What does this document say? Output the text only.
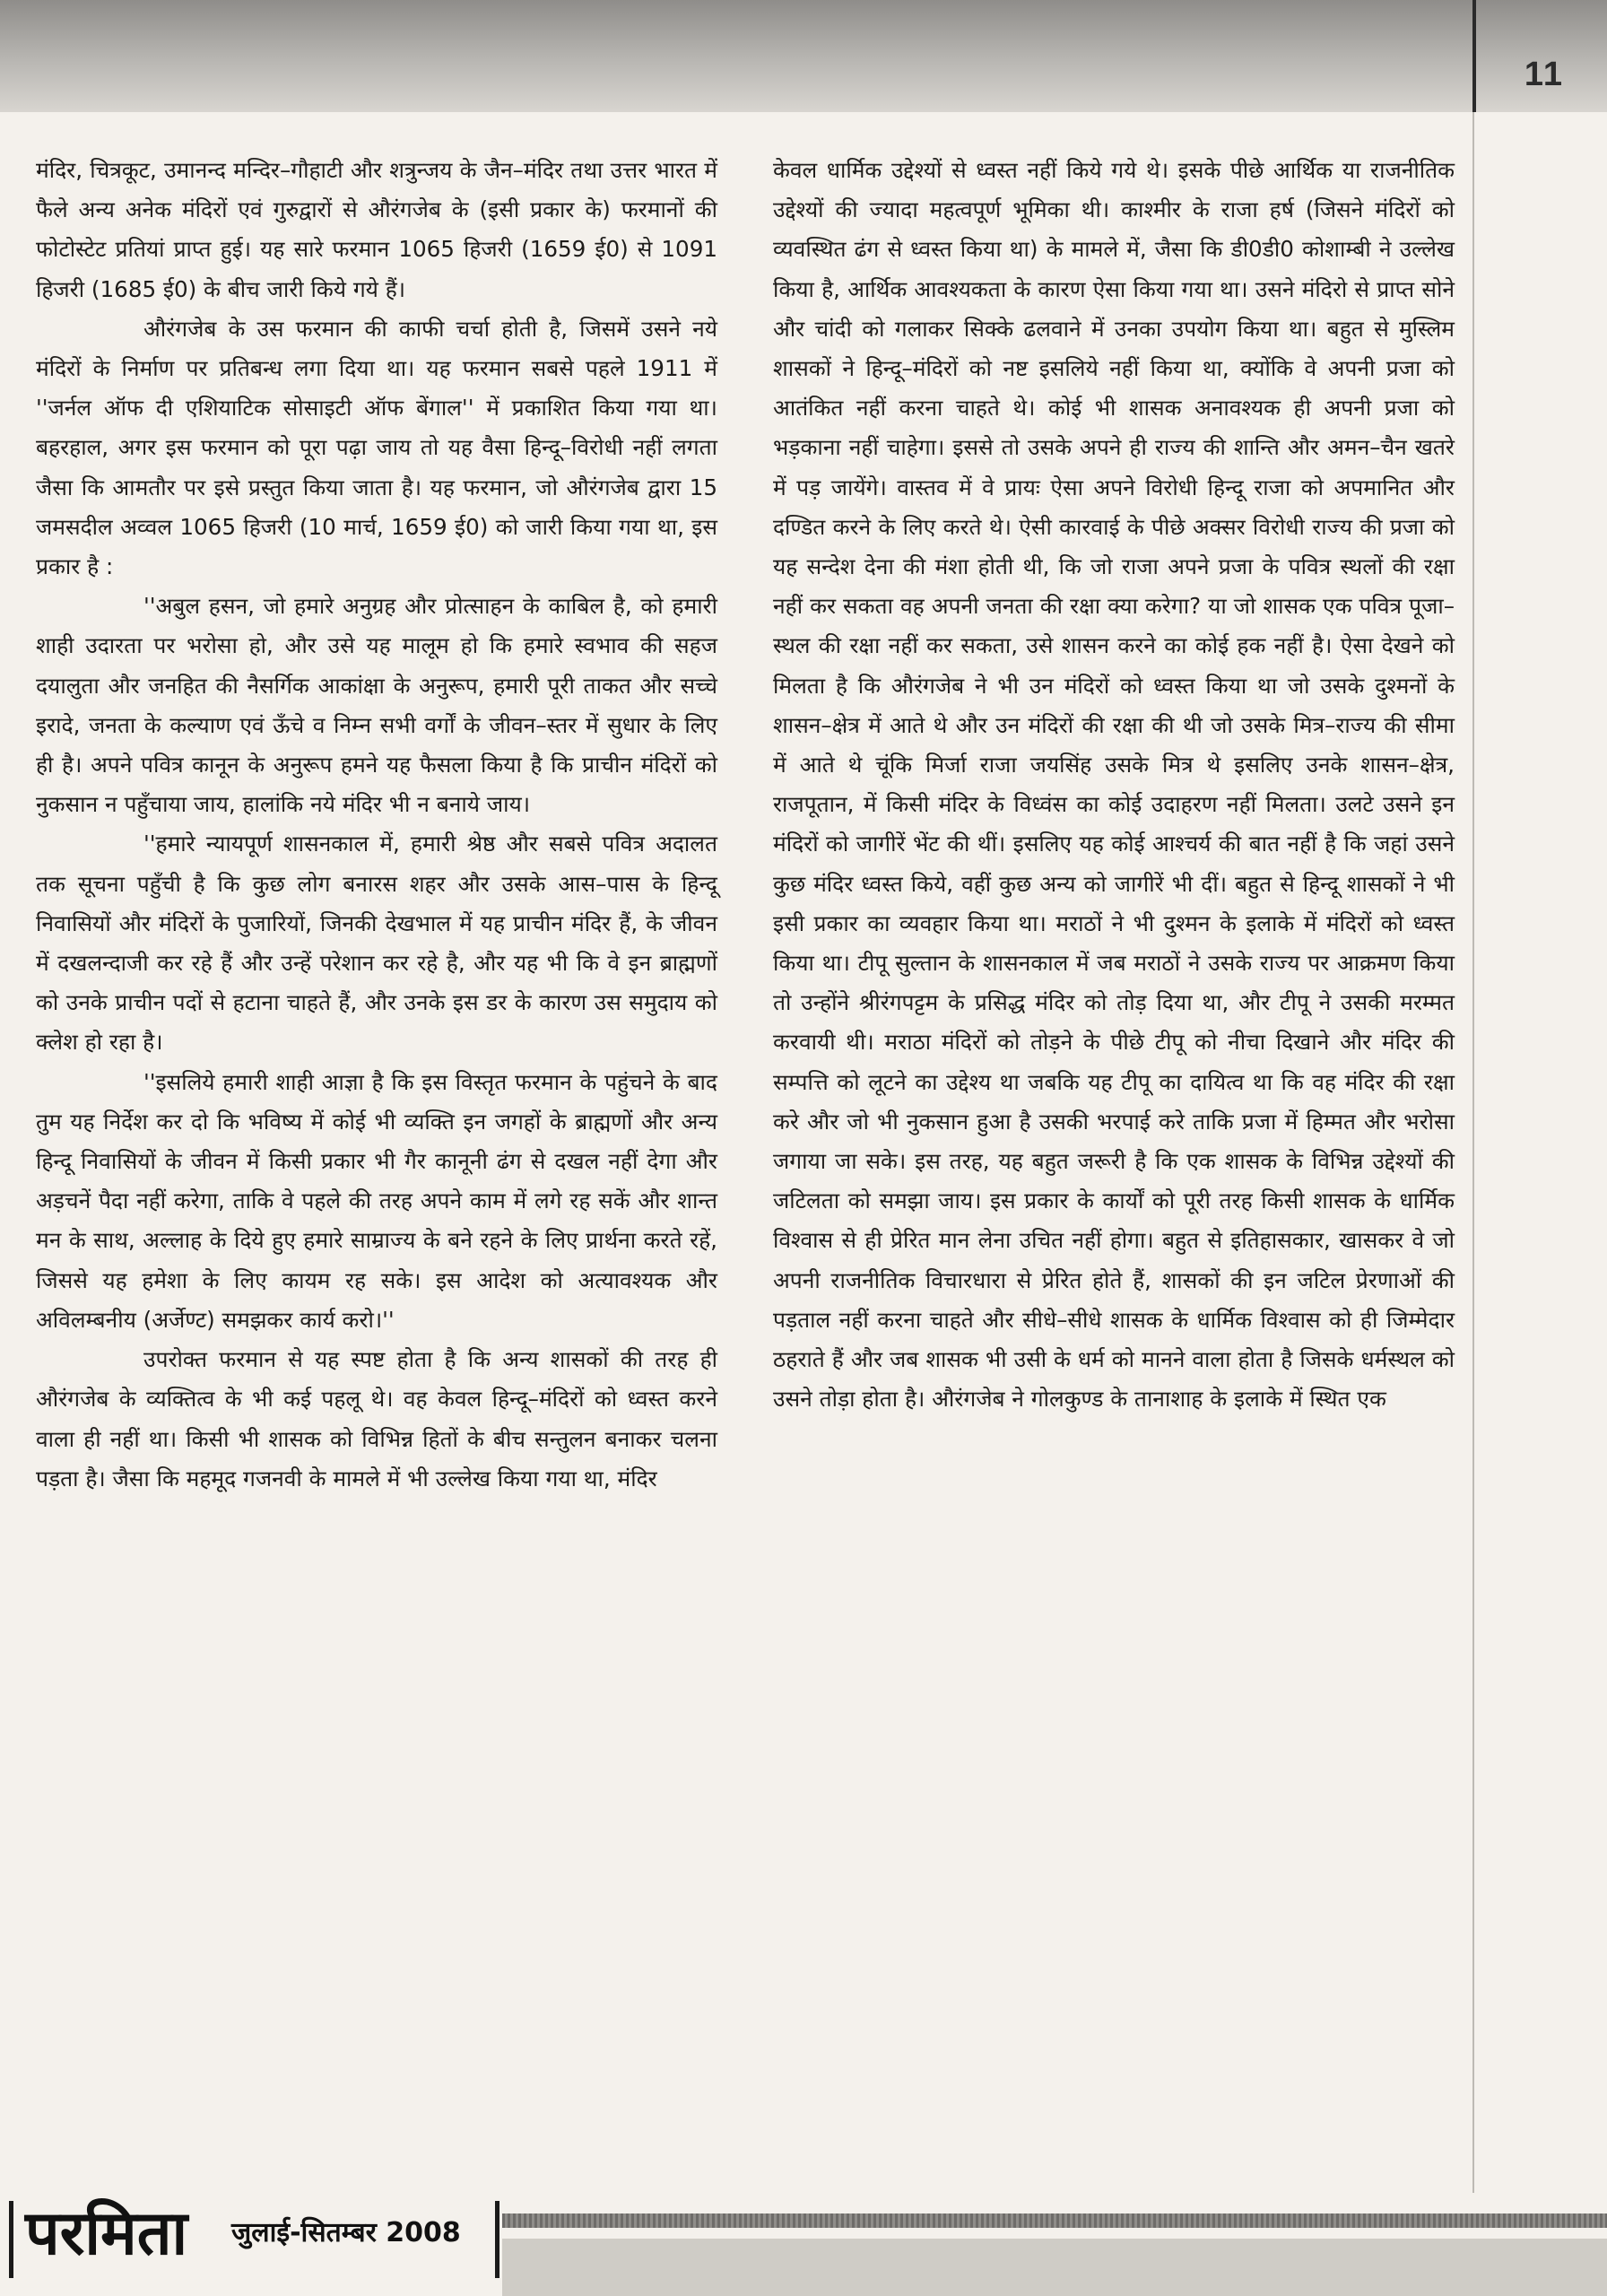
11

मंदिर, चित्रकूट, उमानन्द मन्दिर–गौहाटी और शत्रुन्जय के जैन–मंदिर तथा उत्तर भारत में फैले अन्य अनेक मंदिरों एवं गुरुद्वारों से औरंगजेब के (इसी प्रकार के) फरमानों की फोटोस्टेट प्रतियां प्राप्त हुई। यह सारे फरमान 1065 हिजरी (1659 ई0) से 1091 हिजरी (1685 ई0) के बीच जारी किये गये हैं।

औरंगजेब के उस फरमान की काफी चर्चा होती है, जिसमें उसने नये मंदिरों के निर्माण पर प्रतिबन्ध लगा दिया था। यह फरमान सबसे पहले 1911 में ''जर्नल ऑफ दी एशियाटिक सोसाइटी ऑफ बेंगाल'' में प्रकाशित किया गया था। बहरहाल, अगर इस फरमान को पूरा पढ़ा जाय तो यह वैसा हिन्दू–विरोधी नहीं लगता जैसा कि आमतौर पर इसे प्रस्तुत किया जाता है। यह फरमान, जो औरंगजेब द्वारा 15 जमसदील अव्वल 1065 हिजरी (10 मार्च, 1659 ई0) को जारी किया गया था, इस प्रकार है :

''अबुल हसन, जो हमारे अनुग्रह और प्रोत्साहन के काबिल है, को हमारी शाही उदारता पर भरोसा हो, और उसे यह मालूम हो कि हमारे स्वभाव की सहज दयालुता और जनहित की नैसर्गिक आकांक्षा के अनुरूप, हमारी पूरी ताकत और सच्चे इरादे, जनता के कल्याण एवं ऊँचे व निम्न सभी वर्गों के जीवन–स्तर में सुधार के लिए ही है। अपने पवित्र कानून के अनुरूप हमने यह फैसला किया है कि प्राचीन मंदिरों को नुकसान न पहुँचाया जाय, हालांकि नये मंदिर भी न बनाये जाय।

''हमारे न्यायपूर्ण शासनकाल में, हमारी श्रेष्ठ और सबसे पवित्र अदालत तक सूचना पहुँची है कि कुछ लोग बनारस शहर और उसके आस–पास के हिन्दू निवासियों और मंदिरों के पुजारियों, जिनकी देखभाल में यह प्राचीन मंदिर हैं, के जीवन में दखलन्दाजी कर रहे हैं और उन्हें परेशान कर रहे है, और यह भी कि वे इन ब्राह्मणों को उनके प्राचीन पदों से हटाना चाहते हैं, और उनके इस डर के कारण उस समुदाय को क्लेश हो रहा है।

''इसलिये हमारी शाही आज्ञा है कि इस विस्तृत फरमान के पहुंचने के बाद तुम यह निर्देश कर दो कि भविष्य में कोई भी व्यक्ति इन जगहों के ब्राह्मणों और अन्य हिन्दू निवासियों के जीवन में किसी प्रकार भी गैर कानूनी ढंग से दखल नहीं देगा और अड़चनें पैदा नहीं करेगा, ताकि वे पहले की तरह अपने काम में लगे रह सकें और शान्त मन के साथ, अल्लाह के दिये हुए हमारे साम्राज्य के बने रहने के लिए प्रार्थना करते रहें, जिससे यह हमेशा के लिए कायम रह सके। इस आदेश को अत्यावश्यक और अविलम्बनीय (अर्जेण्ट) समझकर कार्य करो।''

उपरोक्त फरमान से यह स्पष्ट होता है कि अन्य शासकों की तरह ही औरंगजेब के व्यक्तित्व के भी कई पहलू थे। वह केवल हिन्दू–मंदिरों को ध्वस्त करने वाला ही नहीं था। किसी भी शासक को विभिन्न हितों के बीच सन्तुलन बनाकर चलना पड़ता है। जैसा कि महमूद गजनवी के मामले में भी उल्लेख किया गया था, मंदिर

केवल धार्मिक उद्देश्यों से ध्वस्त नहीं किये गये थे। इसके पीछे आर्थिक या राजनीतिक उद्देश्यों की ज्यादा महत्वपूर्ण भूमिका थी। काश्मीर के राजा हर्ष (जिसने मंदिरों को व्यवस्थित ढंग से ध्वस्त किया था) के मामले में, जैसा कि डी0डी0 कोशाम्बी ने उल्लेख किया है, आर्थिक आवश्यकता के कारण ऐसा किया गया था। उसने मंदिरो से प्राप्त सोने और चांदी को गलाकर सिक्के ढलवाने में उनका उपयोग किया था। बहुत से मुस्लिम शासकों ने हिन्दू–मंदिरों को नष्ट इसलिये नहीं किया था, क्योंकि वे अपनी प्रजा को आतंकित नहीं करना चाहते थे। कोई भी शासक अनावश्यक ही अपनी प्रजा को भड़काना नहीं चाहेगा। इससे तो उसके अपने ही राज्य की शान्ति और अमन–चैन खतरे में पड़ जायेंगे। वास्तव में वे प्रायः ऐसा अपने विरोधी हिन्दू राजा को अपमानित और दण्डित करने के लिए करते थे। ऐसी कारवाई के पीछे अक्सर विरोधी राज्य की प्रजा को यह सन्देश देना की मंशा होती थी, कि जो राजा अपने प्रजा के पवित्र स्थलों की रक्षा नहीं कर सकता वह अपनी जनता की रक्षा क्या करेगा? या जो शासक एक पवित्र पूजा–स्थल की रक्षा नहीं कर सकता, उसे शासन करने का कोई हक नहीं है। ऐसा देखने को मिलता है कि औरंगजेब ने भी उन मंदिरों को ध्वस्त किया था जो उसके दुश्मनों के शासन–क्षेत्र में आते थे और उन मंदिरों की रक्षा की थी जो उसके मित्र–राज्य की सीमा में आते थे चूंकि मिर्जा राजा जयसिंह उसके मित्र थे इसलिए उनके शासन–क्षेत्र, राजपूतान, में किसी मंदिर के विध्वंस का कोई उदाहरण नहीं मिलता। उलटे उसने इन मंदिरों को जागीरें भेंट की थीं। इसलिए यह कोई आश्चर्य की बात नहीं है कि जहां उसने कुछ मंदिर ध्वस्त किये, वहीं कुछ अन्य को जागीरें भी दीं। बहुत से हिन्दू शासकों ने भी इसी प्रकार का व्यवहार किया था। मराठों ने भी दुश्मन के इलाके में मंदिरों को ध्वस्त किया था। टीपू सुल्तान के शासनकाल में जब मराठों ने उसके राज्य पर आक्रमण किया तो उन्होंने श्रीरंगपट्टम के प्रसिद्ध मंदिर को तोड़ दिया था, और टीपू ने उसकी मरम्मत करवायी थी। मराठा मंदिरों को तोड़ने के पीछे टीपू को नीचा दिखाने और मंदिर की सम्पत्ति को लूटने का उद्देश्य था जबकि यह टीपू का दायित्व था कि वह मंदिर की रक्षा करे और जो भी नुकसान हुआ है उसकी भरपाई करे ताकि प्रजा में हिम्मत और भरोसा जगाया जा सके। इस तरह, यह बहुत जरूरी है कि एक शासक के विभिन्न उद्देश्यों की जटिलता को समझा जाय। इस प्रकार के कार्यों को पूरी तरह किसी शासक के धार्मिक विश्वास से ही प्रेरित मान लेना उचित नहीं होगा। बहुत से इतिहासकार, खासकर वे जो अपनी राजनीतिक विचारधारा से प्रेरित होते हैं, शासकों की इन जटिल प्रेरणाओं की पड़ताल नहीं करना चाहते और सीधे–सीधे शासक के धार्मिक विश्वास को ही जिम्मेदार ठहराते हैं और जब शासक भी उसी के धर्म को मानने वाला होता है जिसके धर्मस्थल को उसने तोड़ा होता है। औरंगजेब ने गोलकुण्ड के तानाशाह के इलाके में स्थित एक

परमिता जुलाई-सितम्बर 2008
